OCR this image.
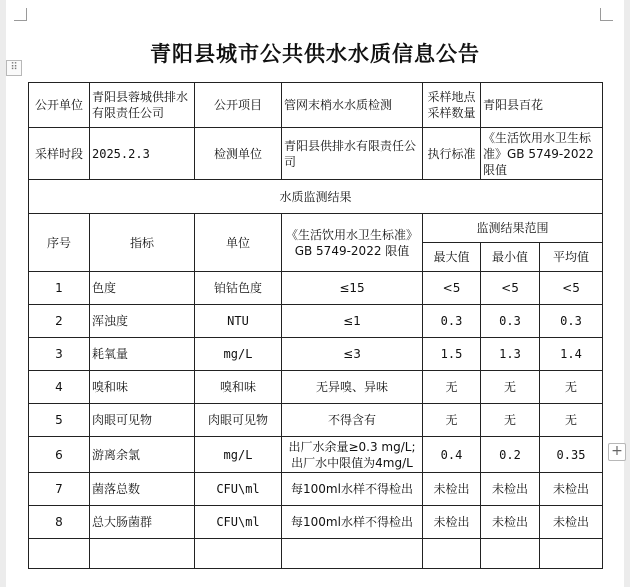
⠿
+
青阳县城市公共供水水质信息公告
公开单位	青阳县蓉城供排水有限责任公司	公开项目	管网末梢水水质检测	采样地点采样数量	青阳县百花	
采样时段	2025.2.3	检测单位	青阳县供排水有限责任公司	执行标准	《生活饮用水卫生标准》GB 5749-2022 限值	
水质监测结果						
序号	指标	单位	《生活饮用水卫生标准》GB 5749-2022 限值	监测结果范围		
				最大值	最小值	平均值
1	色度	铂钴色度	≤15	<5	<5	<5
2	浑浊度	NTU	≤1	0.3	0.3	0.3
3	耗氧量	mg/L	≤3	1.5	1.3	1.4
4	嗅和味	嗅和味	无异嗅、异味	无	无	无
5	肉眼可见物	肉眼可见物	不得含有	无	无	无
6	游离余氯	mg/L	出厂水余量≥0.3 mg/L;出厂水中限值为4mg/L	0.4	0.2	0.35
7	菌落总数	CFU\ml	每100ml水样不得检出	未检出	未检出	未检出
8	总大肠菌群	CFU\ml	每100ml水样不得检出	未检出	未检出	未检出
